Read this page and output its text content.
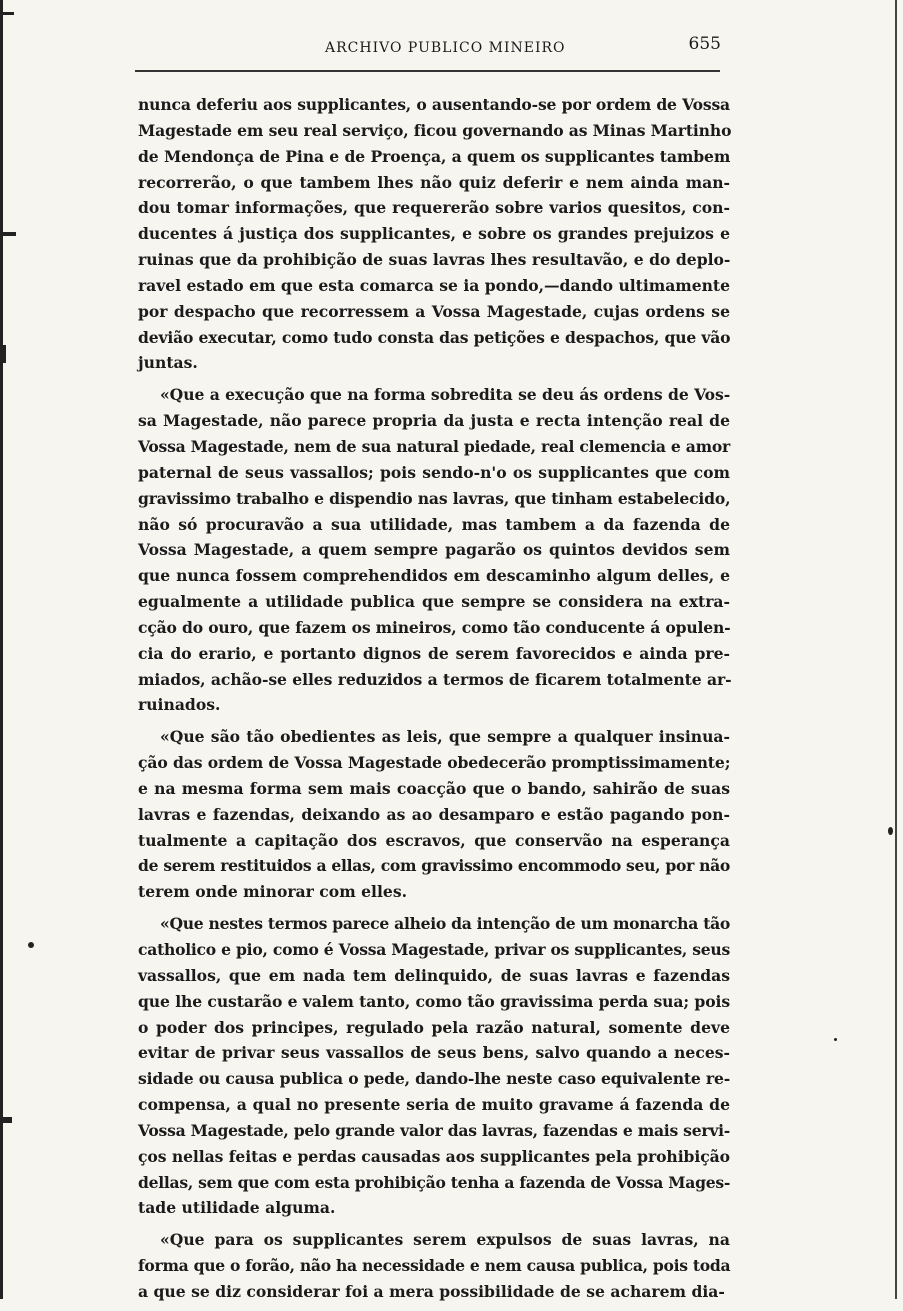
ARCHIVO PUBLICO MINEIRO	655
nunca deferiu aos supplicantes, o ausentando-se por ordem de Vossa
Magestade em seu real serviço, ficou governando as Minas Martinho
de Mendonça de Pina e de Proença, a quem os supplicantes tambem
recorrerão, o que tambem lhes não quiz deferir e nem ainda man-
dou tomar informações, que requererão sobre varios quesitos, con-
ducentes á justiça dos supplicantes, e sobre os grandes prejuizos e
ruinas que da prohibição de suas lavras lhes resultavão, e do deplo-
ravel estado em que esta comarca se ia pondo,—dando ultimamente
por despacho que recorressem a Vossa Magestade, cujas ordens se
devião executar, como tudo consta das petições e despachos, que vão
juntas.
«Que a execução que na forma sobredita se deu ás ordens de Vos-
sa Magestade, não parece propria da justa e recta intenção real de
Vossa Magestade, nem de sua natural piedade, real clemencia e amor
paternal de seus vassallos; pois sendo-n'o os supplicantes que com
gravissimo trabalho e dispendio nas lavras, que tinham estabelecido,
não só procuravão a sua utilidade, mas tambem a da fazenda de
Vossa Magestade, a quem sempre pagarão os quintos devidos sem
que nunca fossem comprehendidos em descaminho algum delles, e
egualmente a utilidade publica que sempre se considera na extra-
cção do ouro, que fazem os mineiros, como tão conducente á opulen-
cia do erario, e portanto dignos de serem favorecidos e ainda pre-
miados, achão-se elles reduzidos a termos de ficarem totalmente ar-
ruinados.
«Que são tão obedientes as leis, que sempre a qualquer insinua-
ção das ordem de Vossa Magestade obedecerão promptissimamente;
e na mesma forma sem mais coacção que o bando, sahirão de suas
lavras e fazendas, deixando as ao desamparo e estão pagando pon-
tualmente a capitação dos escravos, que conservão na esperança
de serem restituidos a ellas, com gravissimo encommodo seu, por não
terem onde minorar com elles.
«Que nestes termos parece alheio da intenção de um monarcha tão
catholico e pio, como é Vossa Magestade, privar os supplicantes, seus
vassallos, que em nada tem delinquido, de suas lavras e fazendas
que lhe custarão e valem tanto, como tão gravissima perda sua; pois
o poder dos principes, regulado pela razão natural, somente deve
evitar de privar seus vassallos de seus bens, salvo quando a neces-
sidade ou causa publica o pede, dando-lhe neste caso equivalente re-
compensa, a qual no presente seria de muito gravame á fazenda de
Vossa Magestade, pelo grande valor das lavras, fazendas e mais servi-
ços nellas feitas e perdas causadas aos supplicantes pela prohibição
dellas, sem que com esta prohibição tenha a fazenda de Vossa Mages-
tade utilidade alguma.
«Que para os supplicantes serem expulsos de suas lavras, na
forma que o forão, não ha necessidade e nem causa publica, pois toda
a que se diz considerar foi a mera possibilidade de se acharem dia-
